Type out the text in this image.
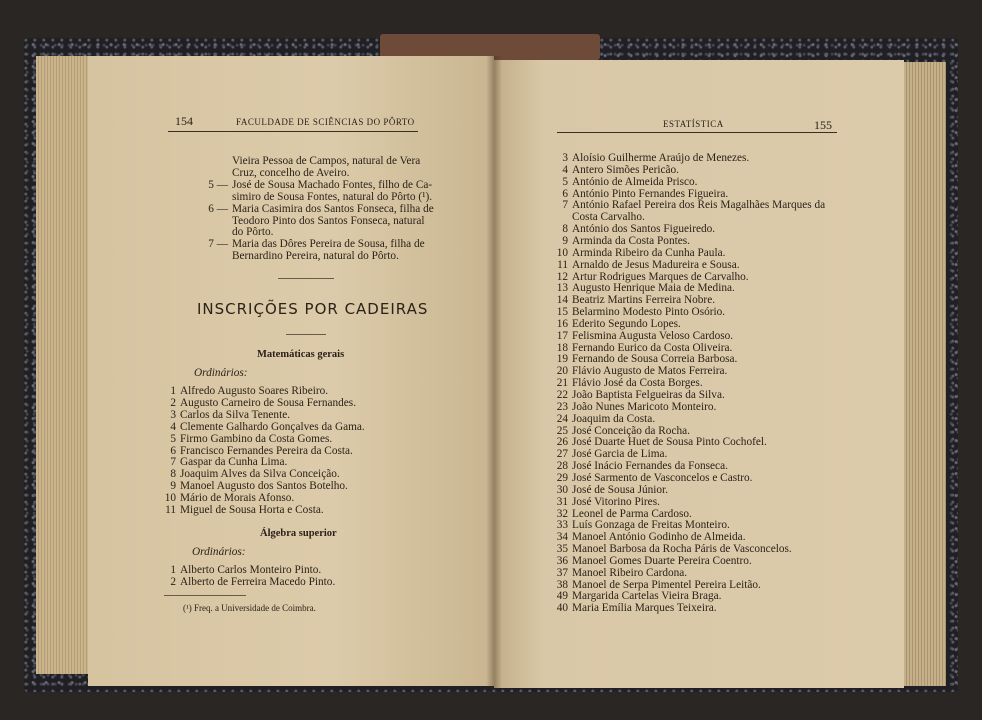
154	FACULDADE DE SCIÊNCIAS DO PÔRTO
Vieira Pessoa de Campos, natural de Vera
Cruz, concelho de Aveiro.
5 — José de Sousa Machado Fontes, filho de Ca-
simiro de Sousa Fontes, natural do Pôrto (¹).
6 — Maria Casimira dos Santos Fonseca, filha de
Teodoro Pinto dos Santos Fonseca, natural
do Pôrto.
7 — Maria das Dôres Pereira de Sousa, filha de
Bernardino Pereira, natural do Pôrto.
INSCRIÇÕES POR CADEIRAS
Matemáticas gerais
Ordinários:
1 Alfredo Augusto Soares Ribeiro.
2 Augusto Carneiro de Sousa Fernandes.
3 Carlos da Silva Tenente.
4 Clemente Galhardo Gonçalves da Gama.
5 Firmo Gambino da Costa Gomes.
6 Francisco Fernandes Pereira da Costa.
7 Gaspar da Cunha Lima.
8 Joaquim Alves da Silva Conceição.
9 Manoel Augusto dos Santos Botelho.
10 Mário de Morais Afonso.
11 Miguel de Sousa Horta e Costa.
Álgebra superior
Ordinários:
1 Alberto Carlos Monteiro Pinto.
2 Alberto de Ferreira Macedo Pinto.
(¹) Freq. a Universidade de Coimbra.
ESTATÍSTICA	155
3 Aloísio Guilherme Araújo de Menezes.
4 Antero Simões Pericão.
5 António de Almeida Prisco.
6 António Pinto Fernandes Figueira.
7 António Rafael Pereira dos Reis Magalhães Marques da
Costa Carvalho.
8 António dos Santos Figueiredo.
9 Arminda da Costa Pontes.
10 Arminda Ribeiro da Cunha Paula.
11 Arnaldo de Jesus Madureira e Sousa.
12 Artur Rodrigues Marques de Carvalho.
13 Augusto Henrique Maia de Medina.
14 Beatriz Martins Ferreira Nobre.
15 Belarmino Modesto Pinto Osório.
16 Ederito Segundo Lopes.
17 Felismina Augusta Veloso Cardoso.
18 Fernando Eurico da Costa Oliveira.
19 Fernando de Sousa Correia Barbosa.
20 Flávio Augusto de Matos Ferreira.
21 Flávio José da Costa Borges.
22 João Baptista Felgueiras da Silva.
23 João Nunes Maricoto Monteiro.
24 Joaquim da Costa.
25 José Conceição da Rocha.
26 José Duarte Huet de Sousa Pinto Cochofel.
27 José Garcia de Lima.
28 José Inácio Fernandes da Fonseca.
29 José Sarmento de Vasconcelos e Castro.
30 José de Sousa Júnior.
31 José Vitorino Pires.
32 Leonel de Parma Cardoso.
33 Luís Gonzaga de Freitas Monteiro.
34 Manoel António Godinho de Almeida.
35 Manoel Barbosa da Rocha Páris de Vasconcelos.
36 Manoel Gomes Duarte Pereira Coentro.
37 Manoel Ribeiro Cardona.
38 Manoel de Serpa Pimentel Pereira Leitão.
49 Margarida Cartelas Vieira Braga.
40 Maria Emília Marques Teixeira.
